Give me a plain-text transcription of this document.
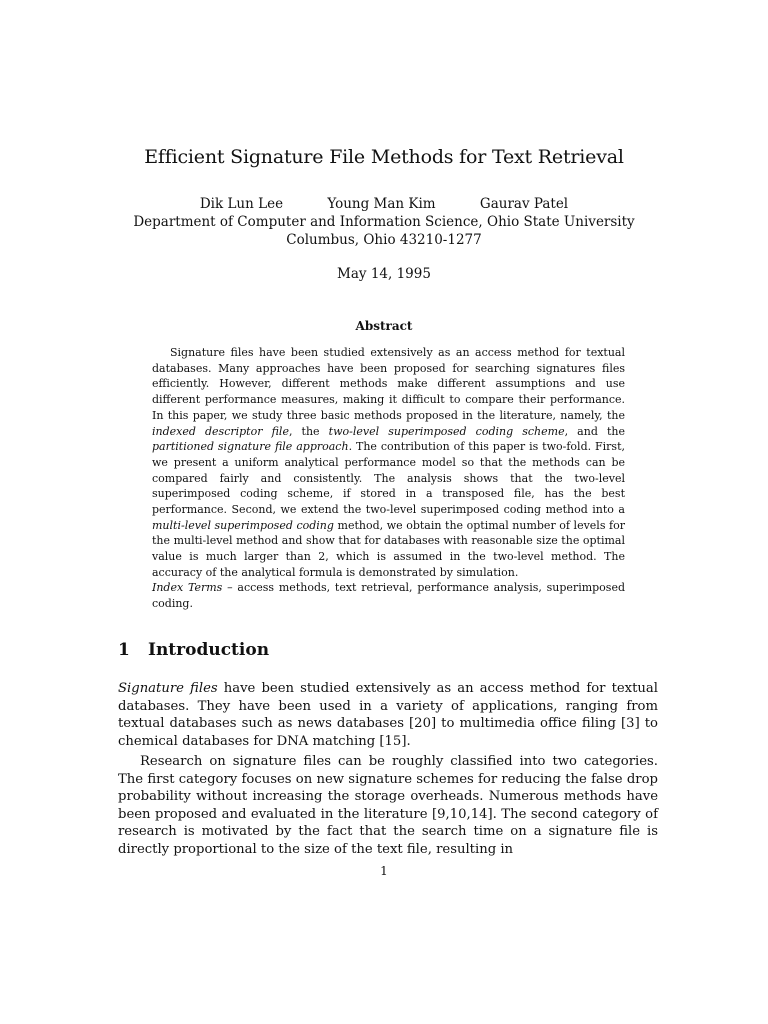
Efficient Signature File Methods for Text Retrieval
Dik Lun Lee	Young Man Kim	Gaurav Patel
Department of Computer and Information Science, Ohio State University
Columbus, Ohio 43210-1277
May 14, 1995
Abstract

Signature files have been studied extensively as an access method for textual databases. Many approaches have been proposed for searching signatures files efficiently. However, different methods make different assumptions and use different performance measures, making it difficult to compare their performance. In this paper, we study three basic methods proposed in the literature, namely, the indexed descriptor file, the two-level superimposed coding scheme, and the partitioned signature file approach. The contribution of this paper is two-fold. First, we present a uniform analytical performance model so that the methods can be compared fairly and consistently. The analysis shows that the two-level superimposed coding scheme, if stored in a transposed file, has the best performance. Second, we extend the two-level superimposed coding method into a multi-level superimposed coding method, we obtain the optimal number of levels for the multi-level method and show that for databases with reasonable size the optimal value is much larger than 2, which is assumed in the two-level method. The accuracy of the analytical formula is demonstrated by simulation.

Index Terms – access methods, text retrieval, performance analysis, superimposed coding.

1 Introduction

Signature files have been studied extensively as an access method for textual databases. They have been used in a variety of applications, ranging from textual databases such as news databases [20] to multimedia office filing [3] to chemical databases for DNA matching [15].

Research on signature files can be roughly classified into two categories. The first category focuses on new signature schemes for reducing the false drop probability without increasing the storage overheads. Numerous methods have been proposed and evaluated in the literature [9,10,14]. The second category of research is motivated by the fact that the search time on a signature file is directly proportional to the size of the text file, resulting in

1
